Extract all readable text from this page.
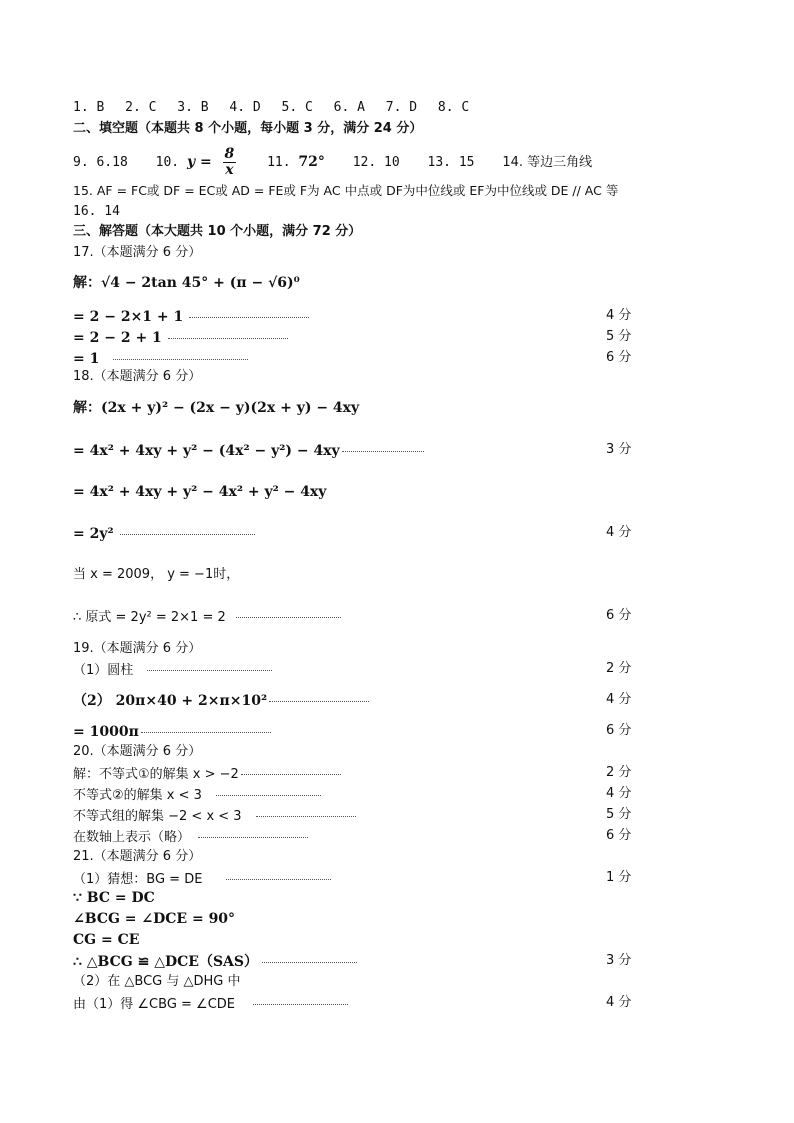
1. B　 2. C　 3. B　 4. D　 5. C　 6. A　 7. D　 8. C
二、填空题（本题共 8 个小题，每小题 3 分，满分 24 分）
9. 6.18 10. $y = \frac{8}{x} 11$. 72° 12. 10 13. 15 14. 等边三角线
15. AF = FC或 DF = EC或 AD = FE或 F为 AC 中点或 DF为中位线或 EF为中位线或 DE // AC 等
16. 14
三、解答题（本大题共 10 个小题，满分 72 分）
17.（本题满分 6 分）
解：√4 − 2tan 45° + (π − √6)⁰
= 2 − 2×1 + 1	4 分
= 2 − 2 + 1	5 分
= 1	6 分
18.（本题满分 6 分）
解：(2x + y)² − (2x − y)(2x + y) − 4xy
= 4x² + 4xy + y² − (4x² − y²) − 4xy	3 分
= 4x² + 4xy + y² − 4x² + y² − 4xy
= 2y²	4 分
当 x = 2009， y = −1时，
∴ 原式 = 2y² = 2×1 = 2	6 分
19.（本题满分 6 分）
（1）圆柱	2 分
（2） 20π×40 + 2×π×10²	4 分
= 1000π	6 分
20.（本题满分 6 分）
解：不等式①的解集 x > −2	2 分
不等式②的解集 x < 3	4 分
不等式组的解集 −2 < x < 3	5 分
在数轴上表示（略）	6 分
21.（本题满分 6 分）
（1）猜想：BG = DE	1 分
∵ BC = DC
∠BCG = ∠DCE = 90°
CG = CE
∴ △BCG ≌ △DCE（SAS）	3 分
（2）在 △BCG 与 △DHG 中
由（1）得 ∠CBG = ∠CDE	4 分
